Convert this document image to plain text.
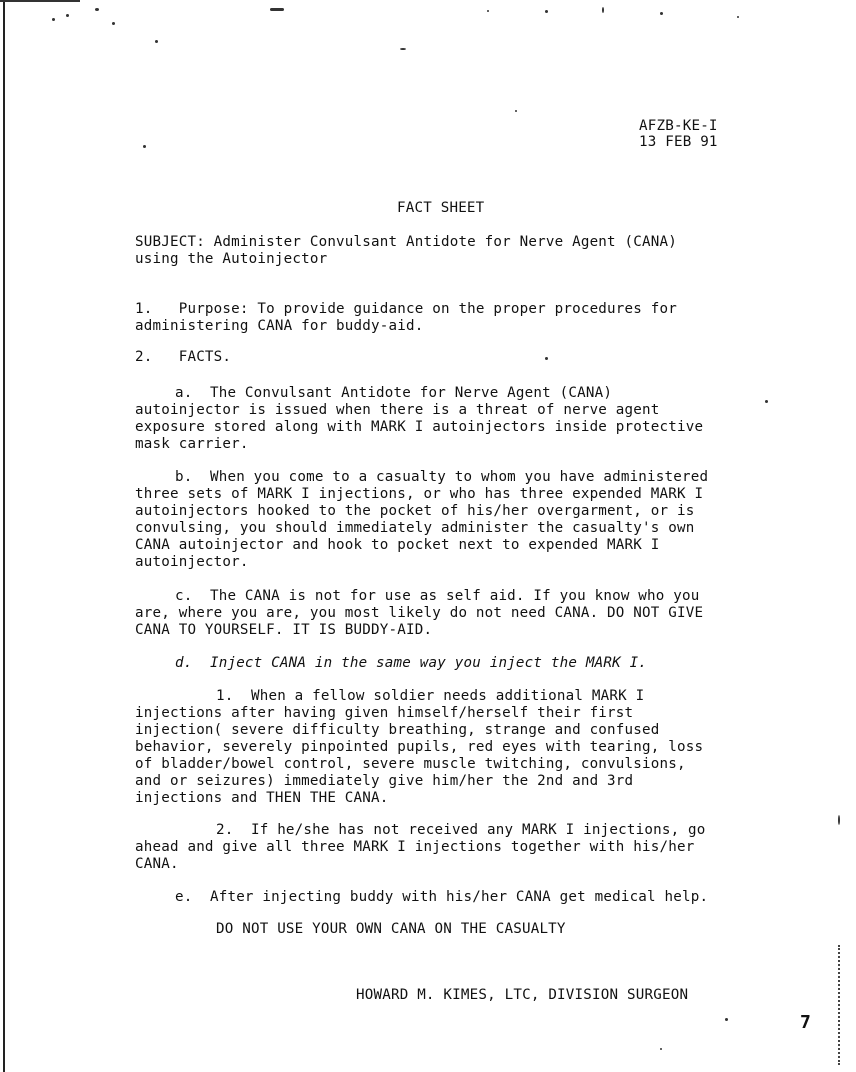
AFZB-KE-I
13 FEB 91
FACT SHEET
SUBJECT: Administer Convulsant Antidote for Nerve Agent (CANA)
using the Autoinjector
1.   Purpose: To provide guidance on the proper procedures for
administering CANA for buddy-aid.
2.   FACTS.
a.  The Convulsant Antidote for Nerve Agent (CANA)
autoinjector is issued when there is a threat of nerve agent
exposure stored along with MARK I autoinjectors inside protective
mask carrier.
b.  When you come to a casualty to whom you have administered
three sets of MARK I injections, or who has three expended MARK I
autoinjectors hooked to the pocket of his/her overgarment, or is
convulsing, you should immediately administer the casualty's own
CANA autoinjector and hook to pocket next to expended MARK I
autoinjector.
c.  The CANA is not for use as self aid. If you know who you
are, where you are, you most likely do not need CANA. DO NOT GIVE
CANA TO YOURSELF. IT IS BUDDY-AID.
d.  Inject CANA in the same way you inject the MARK I.
1.  When a fellow soldier needs additional MARK I
injections after having given himself/herself their first
injection( severe difficulty breathing, strange and confused
behavior, severely pinpointed pupils, red eyes with tearing, loss
of bladder/bowel control, severe muscle twitching, convulsions,
and or seizures) immediately give him/her the 2nd and 3rd
injections and THEN THE CANA.
2.  If he/she has not received any MARK I injections, go
ahead and give all three MARK I injections together with his/her
CANA.
e.  After injecting buddy with his/her CANA get medical help.
DO NOT USE YOUR OWN CANA ON THE CASUALTY
HOWARD M. KIMES, LTC, DIVISION SURGEON
7
